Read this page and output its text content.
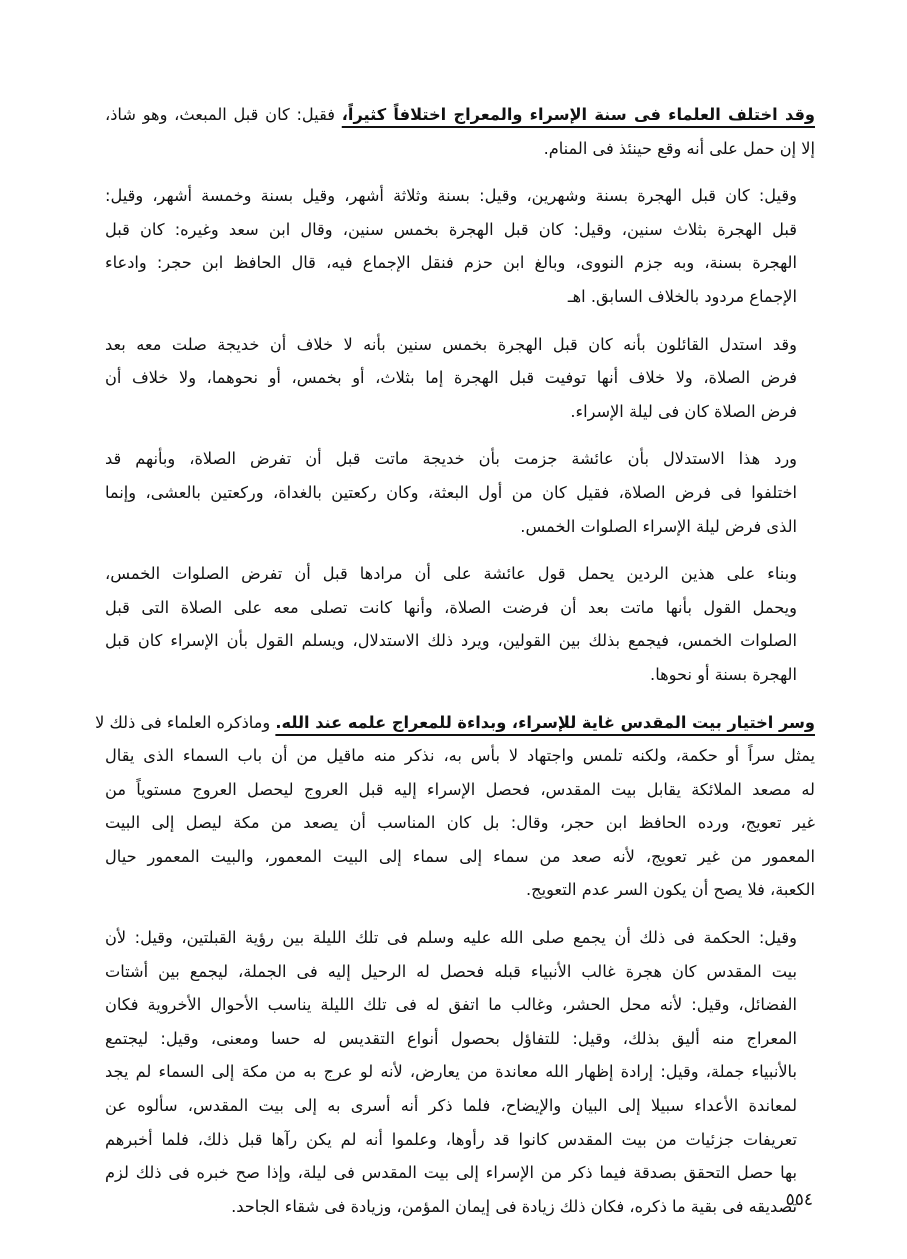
وقد اختلف العلماء فى سنة الإسراء والمعراج اختلافاً كثيراً، فقيل: كان قبل المبعث، وهو شاذ،
إلا إن حمل على أنه وقع حينئذ فى المنام.

وقيل: كان قبل الهجرة بسنة وشهرين، وقيل: بسنة وثلاثة أشهر، وقيل بسنة وخمسة أشهر، وقيل:
قبل الهجرة بثلاث سنين، وقيل: كان قبل الهجرة بخمس سنين، وقال ابن سعد وغيره: كان قبل
الهجرة بسنة، وبه جزم النووى، وبالغ ابن حزم فنقل الإجماع فيه، قال الحافظ ابن حجر: وادعاء
الإجماع مردود بالخلاف السابق. اهـ

وقد استدل القائلون بأنه كان قبل الهجرة بخمس سنين بأنه لا خلاف أن خديجة صلت معه بعد
فرض الصلاة، ولا خلاف أنها توفيت قبل الهجرة إما بثلاث، أو بخمس، أو نحوهما، ولا خلاف أن
فرض الصلاة كان فى ليلة الإسراء.

ورد هذا الاستدلال بأن عائشة جزمت بأن خديجة ماتت قبل أن تفرض الصلاة، وبأنهم قد
اختلفوا فى فرض الصلاة، فقيل كان من أول البعثة، وكان ركعتين بالغداة، وركعتين بالعشى، وإنما
الذى فرض ليلة الإسراء الصلوات الخمس.

وبناء على هذين الردين يحمل قول عائشة على أن مرادها قبل أن تفرض الصلوات الخمس،
ويحمل القول بأنها ماتت بعد أن فرضت الصلاة، وأنها كانت تصلى معه على الصلاة التى قبل
الصلوات الخمس، فيجمع بذلك بين القولين، ويرد ذلك الاستدلال، ويسلم القول بأن الإسراء كان قبل
الهجرة بسنة أو نحوها.

وسر اختيار بيت المقدس غاية للإسراء، وبداءة للمعراج علمه عند الله. وماذكره العلماء فى ذلك لا
يمثل سراً أو حكمة، ولكنه تلمس واجتهاد لا بأس به، نذكر منه ماقيل من أن باب السماء الذى يقال
له مصعد الملائكة يقابل بيت المقدس، فحصل الإسراء إليه قبل العروج ليحصل العروج مستوياً من
غير تعويج، ورده الحافظ ابن حجر، وقال: بل كان المناسب أن يصعد من مكة ليصل إلى البيت
المعمور من غير تعويج، لأنه صعد من سماء إلى سماء إلى البيت المعمور، والبيت المعمور حيال
الكعبة، فلا يصح أن يكون السر عدم التعويج.

وقيل: الحكمة فى ذلك أن يجمع صلى الله عليه وسلم فى تلك الليلة بين رؤية القبلتين، وقيل: لأن
بيت المقدس كان هجرة غالب الأنبياء قبله فحصل له الرحيل إليه فى الجملة، ليجمع بين أشتات
الفضائل، وقيل: لأنه محل الحشر، وغالب ما اتفق له فى تلك الليلة يناسب الأحوال الأخروية فكان
المعراج منه أليق بذلك، وقيل: للتفاؤل بحصول أنواع التقديس له حسا ومعنى، وقيل: ليجتمع
بالأنبياء جملة، وقيل: إرادة إظهار الله معاندة من يعارض، لأنه لو عرج به من مكة إلى السماء لم يجد
لمعاندة الأعداء سبيلا إلى البيان والإيضاح، فلما ذكر أنه أسرى به إلى بيت المقدس، سألوه عن
تعريفات جزئيات من بيت المقدس كانوا قد رأوها، وعلموا أنه لم يكن رآها قبل ذلك، فلما أخبرهم
بها حصل التحقق بصدقة فيما ذكر من الإسراء إلى بيت المقدس فى ليلة، وإذا صح خبره فى ذلك لزم
تصديقه فى بقية ما ذكره، فكان ذلك زيادة فى إيمان المؤمن، وزيادة فى شقاء الجاحد.

٥٥٤
